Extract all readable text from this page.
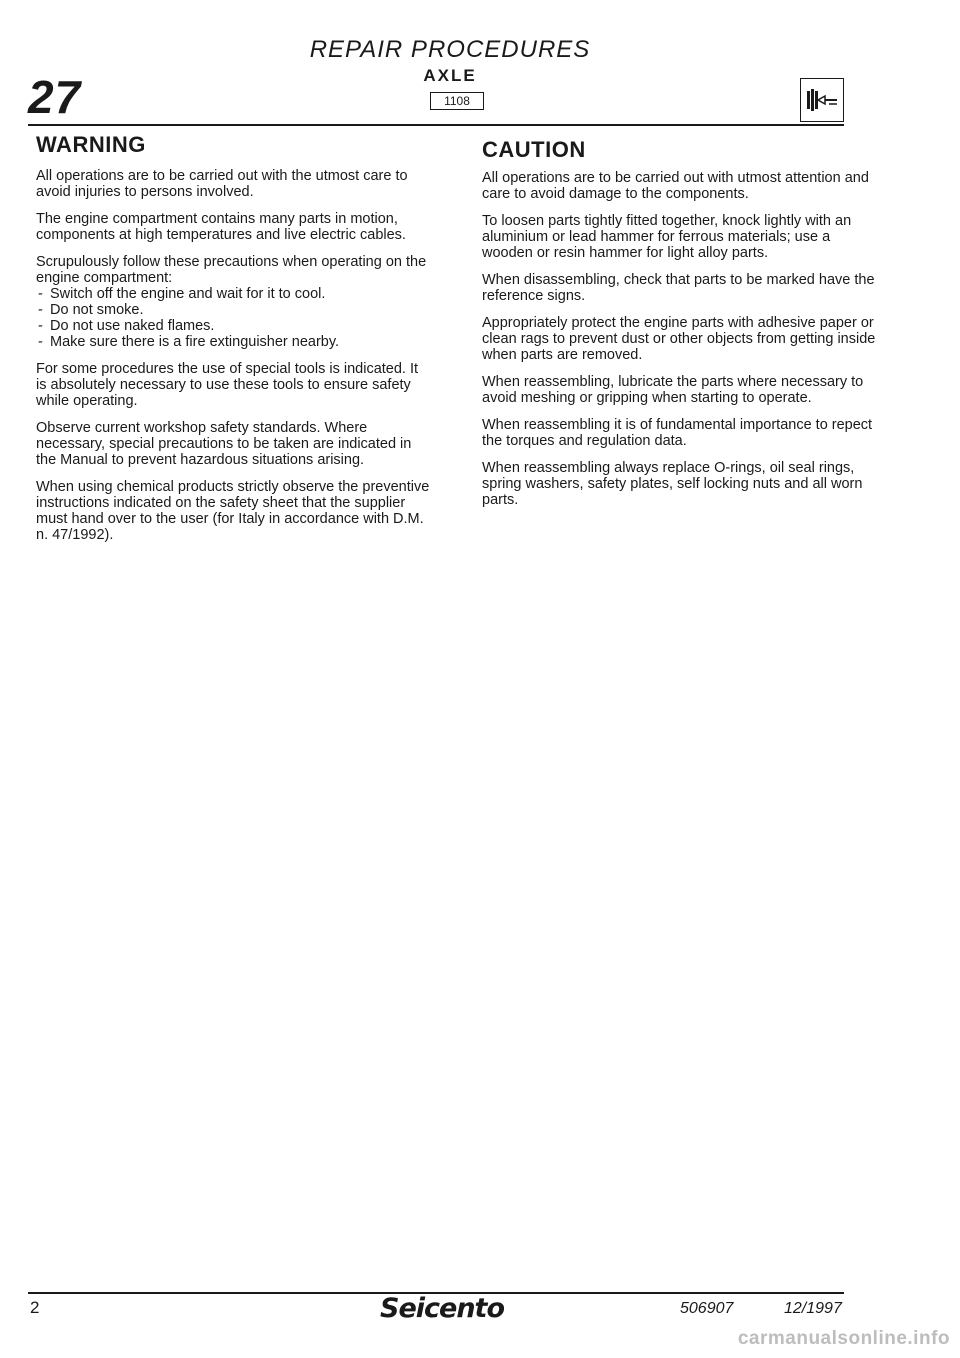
27
REPAIR PROCEDURES
AXLE
1108
WARNING

All operations are to be carried out with the utmost care to avoid injuries to persons involved.

The engine compartment contains many parts in motion, components at high temperatures and live electric cables.

Scrupulously follow these precautions when operating on the engine compartment:

- Switch off the engine and wait for it to cool.
- Do not smoke.
- Do not use naked flames.
- Make sure there is a fire extinguisher nearby.

For some procedures the use of special tools is indicated. It is absolutely necessary to use these tools to ensure safety while operating.

Observe current workshop safety standards. Where necessary, special precautions to be taken are indicated in the Manual to prevent hazardous situations arising.

When using chemical products strictly observe the preventive instructions indicated on the safety sheet that the supplier must hand over to the user (for Italy in accordance with D.M. n. 47/1992).

CAUTION

All operations are to be carried out with utmost attention and care to avoid damage to the components.

To loosen parts tightly fitted together, knock lightly with an aluminium or lead hammer for ferrous materials; use a wooden or resin hammer for light alloy parts.

When disassembling, check that parts to be marked have the reference signs.

Appropriately protect the engine parts with adhesive paper or clean rags to prevent dust or other objects from getting inside when parts are removed.

When reassembling, lubricate the parts where necessary to avoid meshing or gripping when starting to operate.

When reassembling it is of fundamental importance to repect the torques and regulation data.

When reassembling always replace O-rings, oil seal rings, spring washers, safety plates, self locking nuts and all worn parts.

2	Seicento	506907	12/1997
carmanualsonline.info
